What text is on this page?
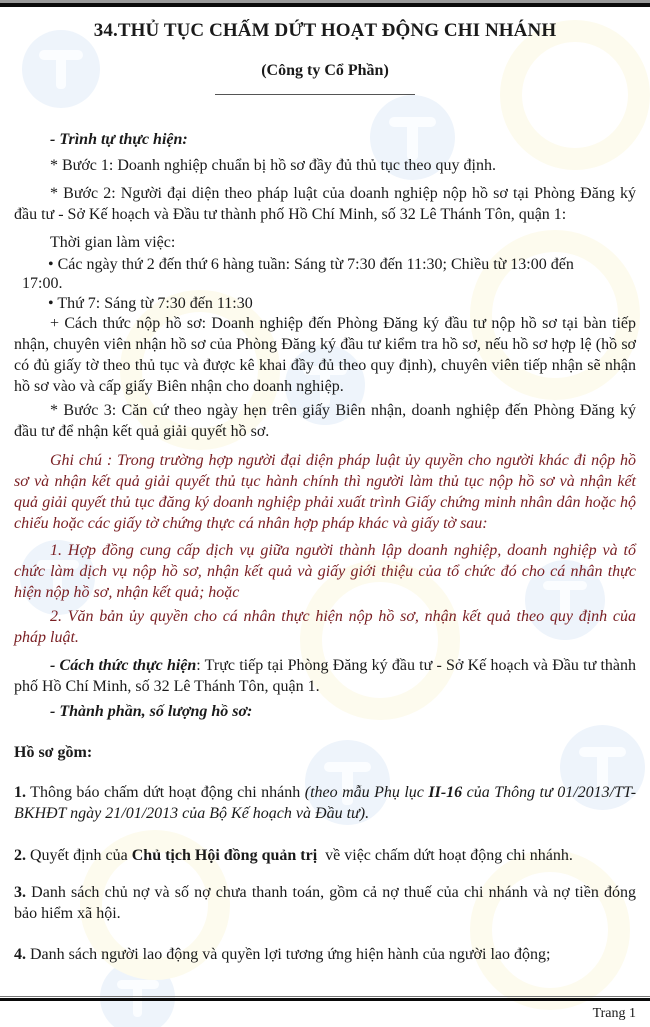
34.THỦ TỤC CHẤM DỨT HOẠT ĐỘNG CHI NHÁNH
(Công ty Cổ Phần)
- Trình tự thực hiện:
* Bước 1: Doanh nghiệp chuẩn bị hồ sơ đầy đủ thủ tục theo quy định.
* Bước 2: Người đại diện theo pháp luật của doanh nghiệp nộp hồ sơ tại Phòng Đăng ký đầu tư - Sở Kế hoạch và Đầu tư thành phố Hồ Chí Minh, số 32 Lê Thánh Tôn, quận 1:
Thời gian làm việc:
• Các ngày thứ 2 đến thứ 6 hàng tuần: Sáng từ 7:30 đến 11:30; Chiều từ 13:00 đến
17:00.
• Thứ 7: Sáng từ 7:30 đến 11:30
+ Cách thức nộp hồ sơ: Doanh nghiệp đến Phòng Đăng ký đầu tư nộp hồ sơ tại bàn tiếp nhận, chuyên viên nhận hồ sơ của Phòng Đăng ký đầu tư kiểm tra hồ sơ, nếu hồ sơ hợp lệ (hồ sơ có đủ giấy tờ theo thủ tục và được kê khai đầy đủ theo quy định), chuyên viên tiếp nhận sẽ nhận hồ sơ vào và cấp giấy Biên nhận cho doanh nghiệp.
* Bước 3: Căn cứ theo ngày hẹn trên giấy Biên nhận, doanh nghiệp đến Phòng Đăng ký đầu tư để nhận kết quả giải quyết hồ sơ.
Ghi chú : Trong trường hợp người đại diện pháp luật ủy quyền cho người khác đi nộp hồ sơ và nhận kết quả giải quyết thủ tục hành chính thì người làm thủ tục nộp hồ sơ và nhận kết quả giải quyết thủ tục đăng ký doanh nghiệp phải xuất trình Giấy chứng minh nhân dân hoặc hộ chiếu hoặc các giấy tờ chứng thực cá nhân hợp pháp khác và giấy tờ sau:
1. Hợp đồng cung cấp dịch vụ giữa người thành lập doanh nghiệp, doanh nghiệp và tổ chức làm dịch vụ nộp hồ sơ, nhận kết quả và giấy giới thiệu của tổ chức đó cho cá nhân thực hiện nộp hồ sơ, nhận kết quả; hoặc
2. Văn bản ủy quyền cho cá nhân thực hiện nộp hồ sơ, nhận kết quả theo quy định của pháp luật.
- Cách thức thực hiện: Trực tiếp tại Phòng Đăng ký đầu tư - Sở Kế hoạch và Đầu tư thành phố Hồ Chí Minh, số 32 Lê Thánh Tôn, quận 1.
- Thành phần, số lượng hồ sơ:
Hồ sơ gồm:
1. Thông báo chấm dứt hoạt động chi nhánh (theo mẫu Phụ lục II-16 của Thông tư 01/2013/TT-BKHĐT ngày 21/01/2013 của Bộ Kế hoạch và Đầu tư).
2. Quyết định của Chủ tịch Hội đồng quản trị  về việc chấm dứt hoạt động chi nhánh.
3. Danh sách chủ nợ và số nợ chưa thanh toán, gồm cả nợ thuế của chi nhánh và nợ tiền đóng bảo hiểm xã hội.
4. Danh sách người lao động và quyền lợi tương ứng hiện hành của người lao động;
Trang 1
